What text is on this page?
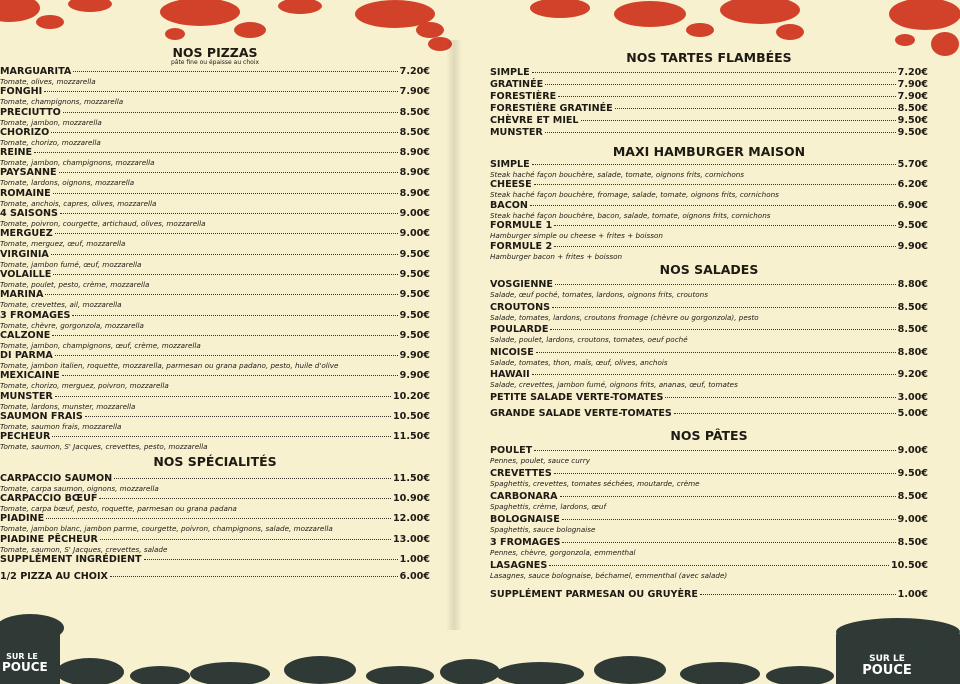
SUR LE
POUCE
SUR LE
POUCE
NOS PIZZAS
pâte fine ou épaisse au choix
MARGUARITA	7.20€
Tomate, olives, mozzarella
FONGHI	7.90€
Tomate, champignons, mozzarella
PRECIUTTO	8.50€
Tomate, jambon, mozzarella
CHORIZO	8.50€
Tomate, chorizo, mozzarella
REINE	8.90€
Tomate, jambon, champignons, mozzarella
PAYSANNE	8.90€
Tomate, lardons, oignons, mozzarella
ROMAINE	8.90€
Tomate, anchois, capres, olives, mozzarella
4 SAISONS	9.00€
Tomate, poivron, courgette, artichaud, olives, mozzarella
MERGUEZ	9.00€
Tomate, merguez, œuf, mozzarella
VIRGINIA	9.50€
Tomate, jambon fumé, œuf, mozzarella
VOLAILLE	9.50€
Tomate, poulet, pesto, crème, mozzarella
MARINA	9.50€
Tomate, crevettes, ail, mozzarella
3 FROMAGES	9.50€
Tomate, chèvre, gorgonzola, mozzarella
CALZONE	9.50€
Tomate, jambon, champignons, œuf, crème, mozzarella
DI PARMA	9.90€
Tomate, jambon italien, roquette, mozzarella, parmesan ou grana padano, pesto, huile d'olive
MEXICAINE	9.90€
Tomate, chorizo, merguez, poivron, mozzarella
MUNSTER	10.20€
Tomate, lardons, munster, mozzarella
SAUMON FRAIS	10.50€
Tomate, saumon frais, mozzarella
PECHEUR	11.50€
Tomate, saumon, S' Jacques, crevettes, pesto, mozzarella
NOS SPÉCIALITÉS
CARPACCIO SAUMON	11.50€
Tomate, carpa saumon, oignons, mozzarella
CARPACCIO BŒUF	10.90€
Tomate, carpa bœuf, pesto, roquette, parmesan ou grana padana
PIADINE	12.00€
Tomate, jambon blanc, jambon parme, courgette, poivron, champignons, salade, mozzarella
PIADINE PÊCHEUR	13.00€
Tomate, saumon, S' Jacques, crevettes, salade
SUPPLÉMENT INGRÉDIENT	1.00€
1/2 PIZZA AU CHOIX	6.00€
NOS TARTES FLAMBÉES
SIMPLE	7.20€
GRATINÉE	7.90€
FORESTIÈRE	7.90€
FORESTIÈRE GRATINÉE	8.50€
CHÈVRE ET MIEL	9.50€
MUNSTER	9.50€
MAXI HAMBURGER MAISON
SIMPLE	5.70€
Steak haché façon bouchère, salade, tomate, oignons frits, cornichons
CHEESE	6.20€
Steak haché façon bouchère, fromage, salade, tomate, oignons frits, cornichons
BACON	6.90€
Steak haché façon bouchère, bacon, salade, tomate, oignons frits, cornichons
FORMULE 1	9.50€
Hamburger simple ou cheese + frites + boisson
FORMULE 2	9.90€
Hamburger bacon + frites + boisson
NOS SALADES
VOSGIENNE	8.80€
Salade, œuf poché, tomates, lardons, oignons frits, croutons
CROUTONS	8.50€
Salade, tomates, lardons, croutons fromage (chèvre ou gorgonzola), pesto
POULARDE	8.50€
Salade, poulet, lardons, croutons, tomates, oeuf poché
NICOISE	8.80€
Salade, tomates, thon, maïs, œuf, olives, anchois
HAWAII	9.20€
Salade, crevettes, jambon fumé, oignons frits, ananas, œuf, tomates
PETITE SALADE VERTE-TOMATES	3.00€
GRANDE SALADE VERTE-TOMATES	5.00€
NOS PÂTES
POULET	9.00€
Pennes, poulet, sauce curry
CREVETTES	9.50€
Spaghettis, crevettes, tomates séchées, moutarde, crème
CARBONARA	8.50€
Spaghettis, crème, lardons, œuf
BOLOGNAISE	9.00€
Spaghettis, sauce bolognaise
3 FROMAGES	8.50€
Pennes, chèvre, gorgonzola, emmenthal
LASAGNES	10.50€
Lasagnes, sauce bolognaise, béchamel, emmenthal (avec salade)
SUPPLÉMENT PARMESAN OU GRUYÈRE	1.00€
